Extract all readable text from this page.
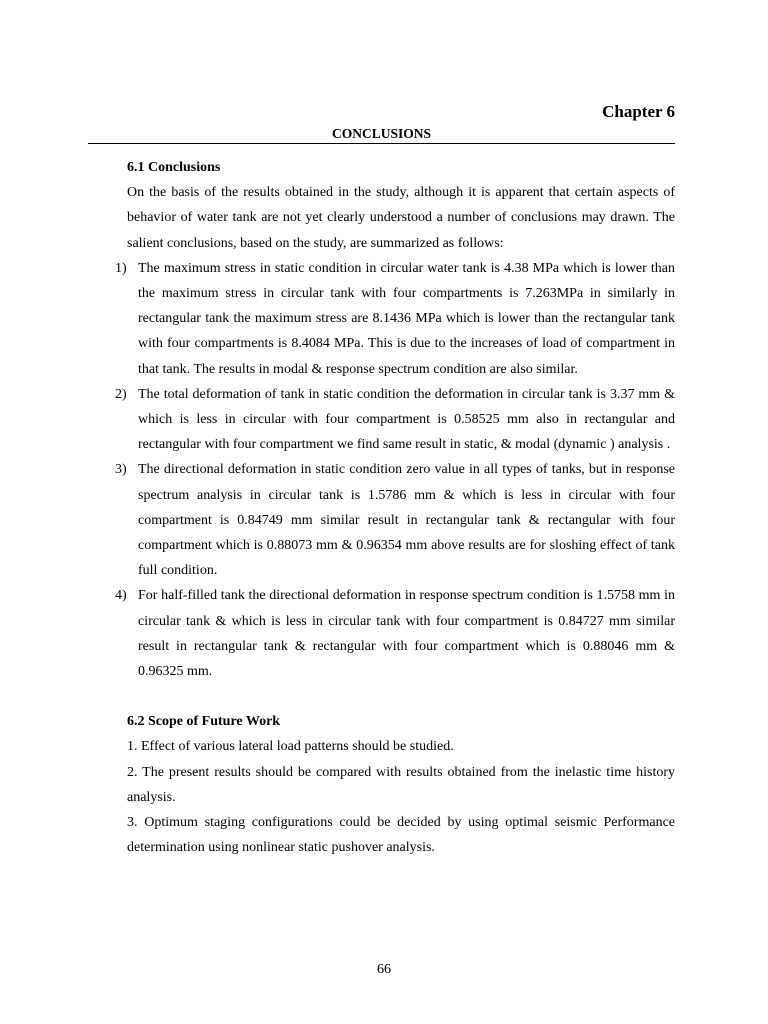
Chapter 6
CONCLUSIONS

6.1 Conclusions

On the basis of the results obtained in the study, although it is apparent that certain aspects of behavior of water tank are not yet clearly understood a number of conclusions may drawn. The salient conclusions, based on the study, are summarized as follows:

1) The maximum stress in static condition in circular water tank is 4.38 MPa which is lower than the maximum stress in circular tank with four compartments is 7.263MPa in similarly in rectangular tank the maximum stress are 8.1436 MPa which is lower than the rectangular tank with four compartments is 8.4084 MPa. This is due to the increases of load of compartment in that tank. The results in modal & response spectrum condition are also similar.
2) The total deformation of tank in static condition the deformation in circular tank is 3.37 mm & which is less in circular with four compartment is 0.58525 mm also in rectangular and rectangular with four compartment we find same result in static, & modal (dynamic ) analysis .
3) The directional deformation in static condition zero value in all types of tanks, but in response spectrum analysis in circular tank is 1.5786 mm & which is less in circular with four compartment is 0.84749 mm similar result in rectangular tank & rectangular with four compartment which is 0.88073 mm & 0.96354 mm above results are for sloshing effect of tank full condition.
4) For half-filled tank the directional deformation in response spectrum condition is 1.5758 mm in circular tank & which is less in circular tank with four compartment is 0.84727 mm similar result in rectangular tank & rectangular with four compartment which is 0.88046 mm & 0.96325 mm.

6.2 Scope of Future Work

1. Effect of various lateral load patterns should be studied.

2. The present results should be compared with results obtained from the inelastic time history analysis.

3. Optimum staging configurations could be decided by using optimal seismic Performance determination using nonlinear static pushover analysis.

66
